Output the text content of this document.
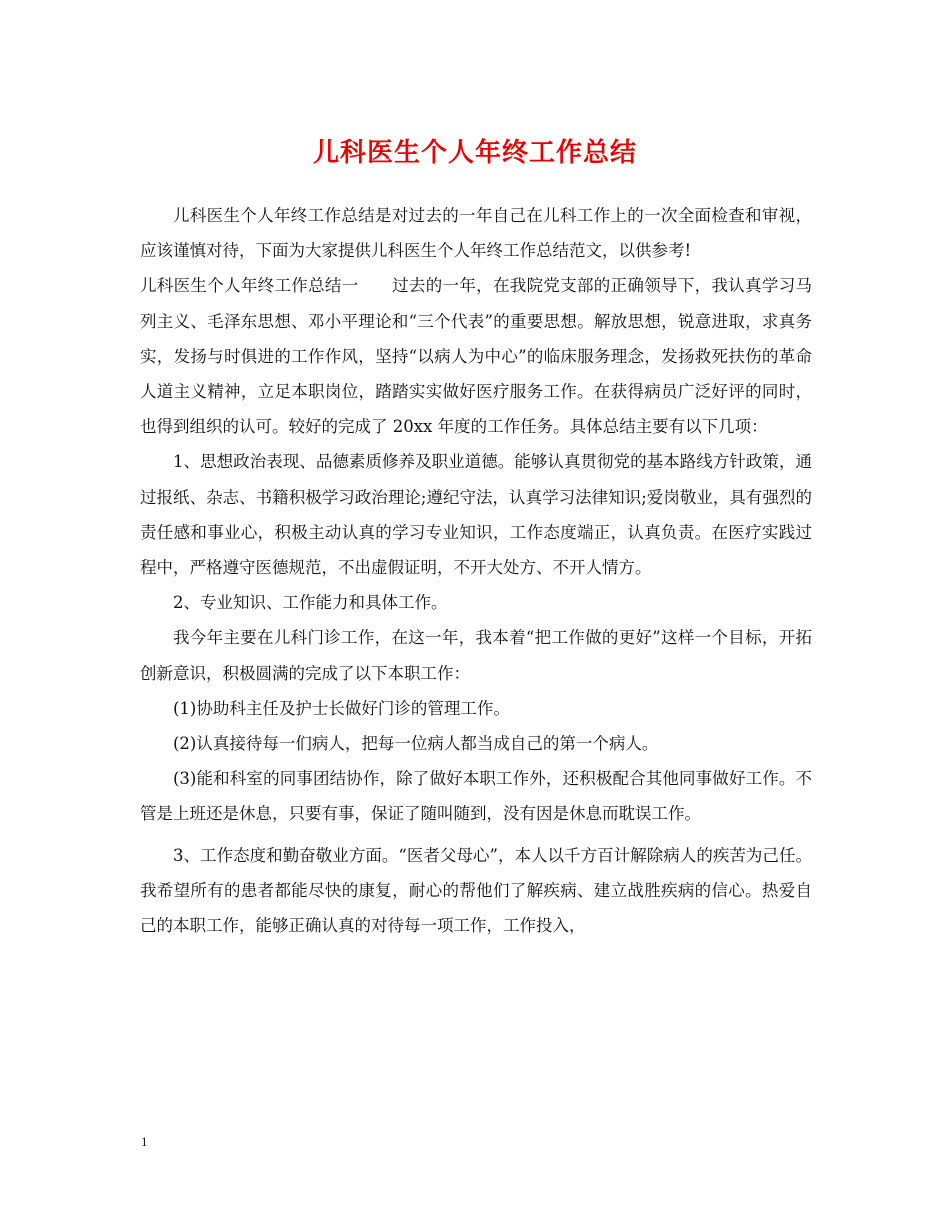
儿科医生个人年终工作总结

儿科医生个人年终工作总结是对过去的一年自己在儿科工作上的一次全面检查和审视，应该谨慎对待，下面为大家提供儿科医生个人年终工作总结范文，以供参考!

儿科医生个人年终工作总结一　　过去的一年，在我院党支部的正确领导下，我认真学习马列主义、毛泽东思想、邓小平理论和“三个代表”的重要思想。解放思想，锐意进取，求真务实，发扬与时俱进的工作作风，坚持“以病人为中心”的临床服务理念，发扬救死扶伤的革命人道主义精神，立足本职岗位，踏踏实实做好医疗服务工作。在获得病员广泛好评的同时，也得到组织的认可。较好的完成了 20xx 年度的工作任务。具体总结主要有以下几项：

1、思想政治表现、品德素质修养及职业道德。能够认真贯彻党的基本路线方针政策，通过报纸、杂志、书籍积极学习政治理论;遵纪守法，认真学习法律知识;爱岗敬业，具有强烈的责任感和事业心，积极主动认真的学习专业知识，工作态度端正，认真负责。在医疗实践过程中，严格遵守医德规范，不出虚假证明，不开大处方、不开人情方。

2、专业知识、工作能力和具体工作。

我今年主要在儿科门诊工作，在这一年，我本着“把工作做的更好”这样一个目标，开拓创新意识，积极圆满的完成了以下本职工作：

(1)协助科主任及护士长做好门诊的管理工作。

(2)认真接待每一们病人，把每一位病人都当成自己的第一个病人。

(3)能和科室的同事团结协作，除了做好本职工作外，还积极配合其他同事做好工作。不管是上班还是休息，只要有事，保证了随叫随到，没有因是休息而耽误工作。

3、工作态度和勤奋敬业方面。“医者父母心”，本人以千方百计解除病人的疾苦为己任。我希望所有的患者都能尽快的康复，耐心的帮他们了解疾病、建立战胜疾病的信心。热爱自己的本职工作，能够正确认真的对待每一项工作，工作投入，

1
